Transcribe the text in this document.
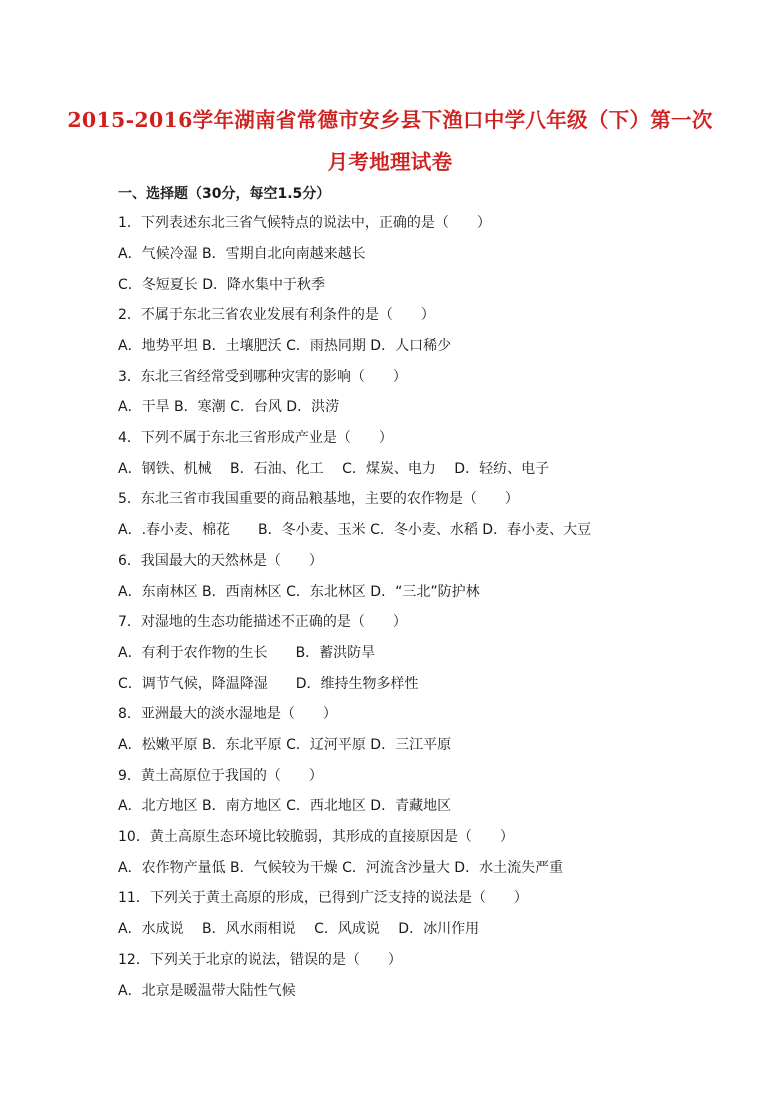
2015-2016学年湖南省常德市安乡县下渔口中学八年级（下）第一次
月考地理试卷
一、选择题（30分，每空1.5分）
1．下列表述东北三省气候特点的说法中，正确的是（　　）
A．气候冷湿 B．雪期自北向南越来越长
C．冬短夏长 D．降水集中于秋季
2．不属于东北三省农业发展有利条件的是（　　）
A．地势平坦 B．土壤肥沃 C．雨热同期 D．人口稀少
3．东北三省经常受到哪种灾害的影响（　　）
A．干旱 B．寒潮 C．台风 D．洪涝
4．下列不属于东北三省形成产业是（　　）
A．钢铁、机械　 B．石油、化工　 C．煤炭、电力　 D．轻纺、电子
5．东北三省市我国重要的商品粮基地，主要的农作物是（　　）
A．.春小麦、棉花　　B．冬小麦、玉米 C．冬小麦、水稻 D．春小麦、大豆
6．我国最大的天然林是（　　）
A．东南林区 B．西南林区 C．东北林区 D．“三北”防护林
7．对湿地的生态功能描述不正确的是（　　）
A．有利于农作物的生长　　B．蓄洪防旱
C．调节气候，降温降湿　　D．维持生物多样性
8．亚洲最大的淡水湿地是（　　）
A．松嫩平原 B．东北平原 C．辽河平原 D．三江平原
9．黄土高原位于我国的（　　）
A．北方地区 B．南方地区 C．西北地区 D．青藏地区
10．黄土高原生态环境比较脆弱，其形成的直接原因是（　　）
A．农作物产量低 B．气候较为干燥 C．河流含沙量大 D．水土流失严重
11．下列关于黄土高原的形成，已得到广泛支持的说法是（　　）
A．水成说　 B．风水雨相说　 C．风成说　 D．冰川作用
12．下列关于北京的说法，错误的是（　　）
A．北京是暖温带大陆性气候
